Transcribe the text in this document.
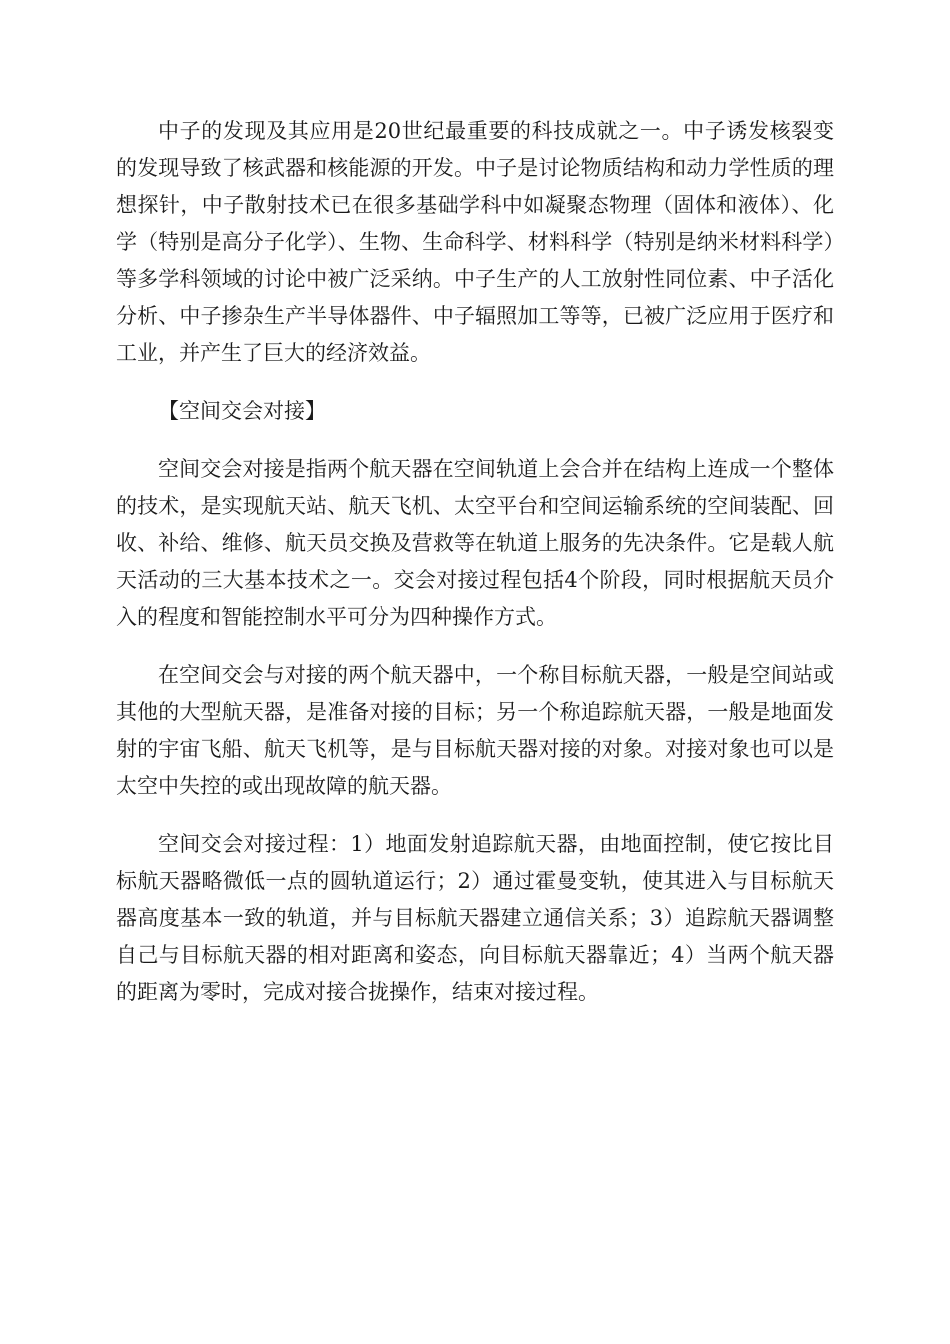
中子的发现及其应用是20世纪最重要的科技成就之一。中子诱发核裂变的发现导致了核武器和核能源的开发。中子是讨论物质结构和动力学性质的理想探针，中子散射技术已在很多基础学科中如凝聚态物理（固体和液体）、化学（特别是高分子化学）、生物、生命科学、材料科学（特别是纳米材料科学）等多学科领域的讨论中被广泛采纳。中子生产的人工放射性同位素、中子活化分析、中子掺杂生产半导体器件、中子辐照加工等等，已被广泛应用于医疗和工业，并产生了巨大的经济效益。

【空间交会对接】

空间交会对接是指两个航天器在空间轨道上会合并在结构上连成一个整体的技术，是实现航天站、航天飞机、太空平台和空间运输系统的空间装配、回收、补给、维修、航天员交换及营救等在轨道上服务的先决条件。它是载人航天活动的三大基本技术之一。交会对接过程包括4个阶段，同时根据航天员介入的程度和智能控制水平可分为四种操作方式。

在空间交会与对接的两个航天器中，一个称目标航天器，一般是空间站或其他的大型航天器，是准备对接的目标；另一个称追踪航天器，一般是地面发射的宇宙飞船、航天飞机等，是与目标航天器对接的对象。对接对象也可以是太空中失控的或出现故障的航天器。

空间交会对接过程：1）地面发射追踪航天器，由地面控制，使它按比目标航天器略微低一点的圆轨道运行；2）通过霍曼变轨，使其进入与目标航天器高度基本一致的轨道，并与目标航天器建立通信关系；3）追踪航天器调整自己与目标航天器的相对距离和姿态，向目标航天器靠近；4）当两个航天器的距离为零时，完成对接合拢操作，结束对接过程。
